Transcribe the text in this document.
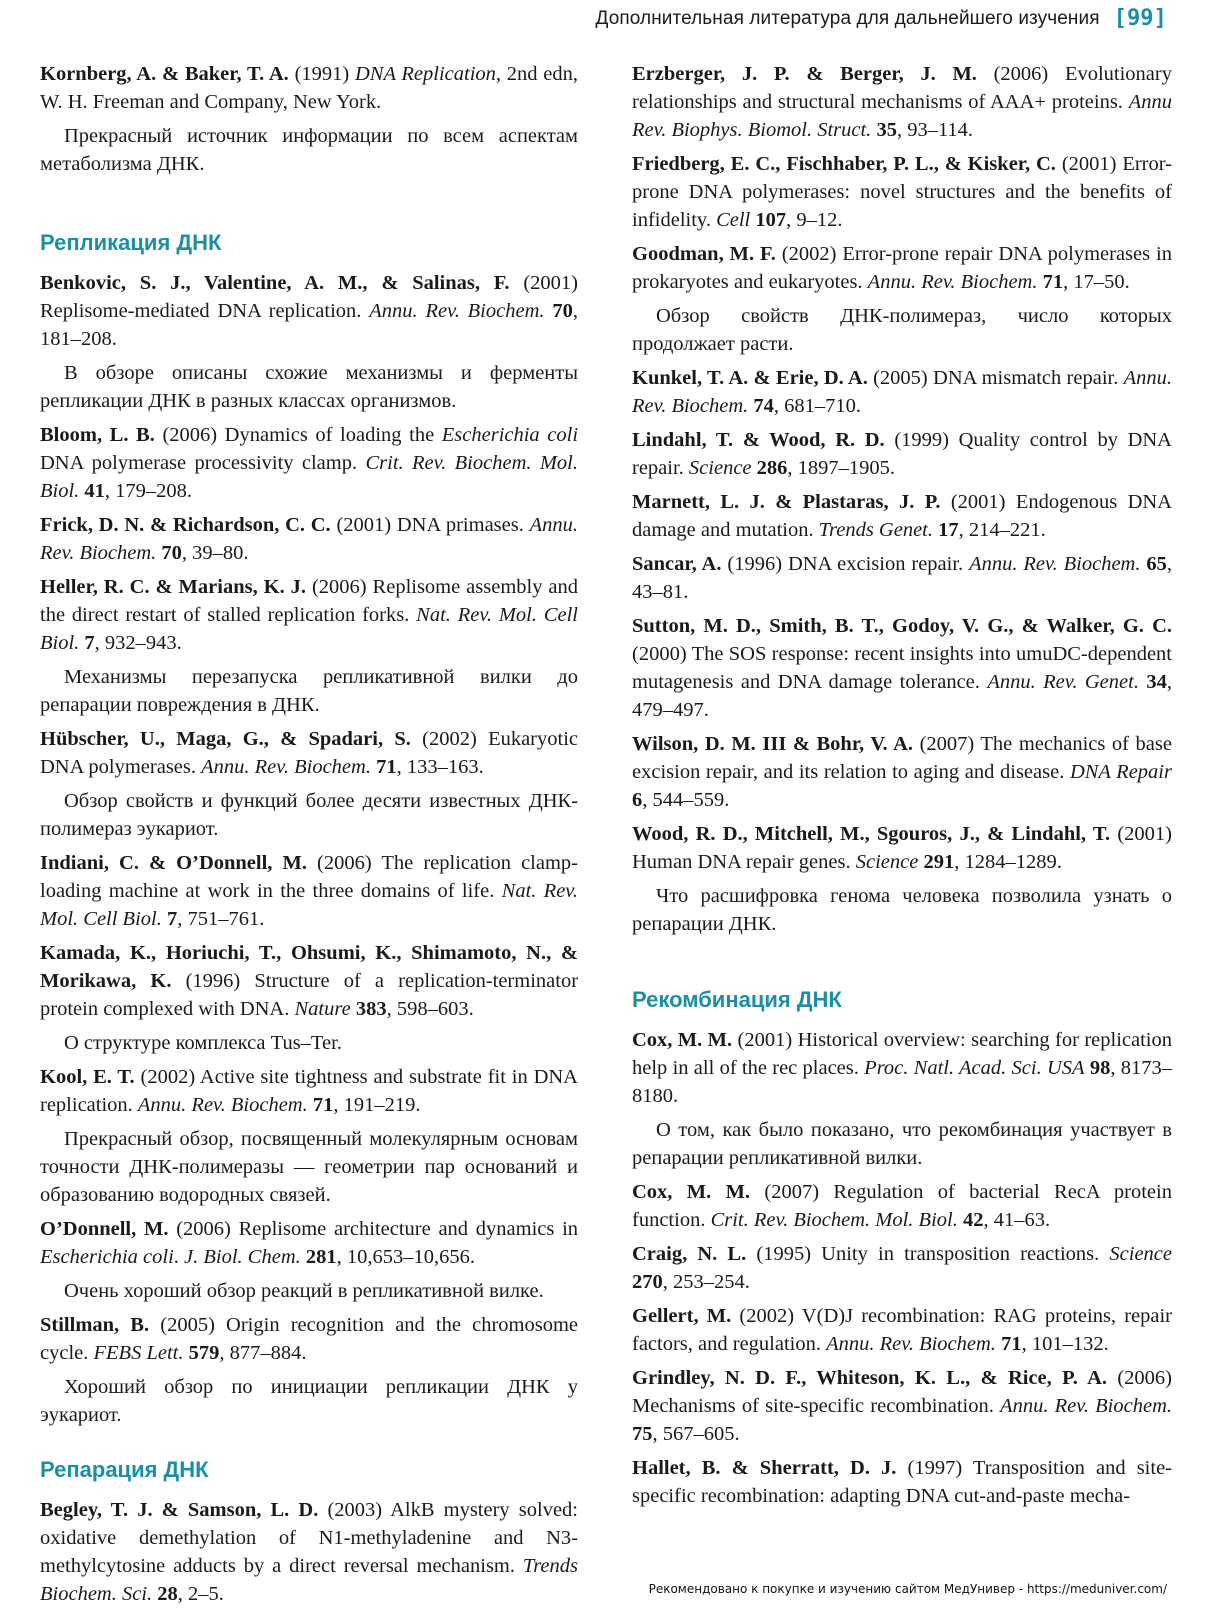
Дополнительная литература для дальнейшего изучения [99]

Kornberg, A. & Baker, T. A. (1991) DNA Replication, 2nd edn, W. H. Freeman and Company, New York.

Прекрасный источник информации по всем аспектам метаболизма ДНК.

Репликация ДНК

Benkovic, S. J., Valentine, A. M., & Salinas, F. (2001) Replisome-mediated DNA replication. Annu. Rev. Biochem. 70, 181–208.

В обзоре описаны схожие механизмы и ферменты репликации ДНК в разных классах организмов.

Bloom, L. B. (2006) Dynamics of loading the Escherichia coli DNA polymerase processivity clamp. Crit. Rev. Biochem. Mol. Biol. 41, 179–208.

Frick, D. N. & Richardson, C. C. (2001) DNA primases. Annu. Rev. Biochem. 70, 39–80.

Heller, R. C. & Marians, K. J. (2006) Replisome assembly and the direct restart of stalled replication forks. Nat. Rev. Mol. Cell Biol. 7, 932–943.

Механизмы перезапуска репликативной вилки до репарации повреждения в ДНК.

Hübscher, U., Maga, G., & Spadari, S. (2002) Eukaryotic DNA polymerases. Annu. Rev. Biochem. 71, 133–163.

Обзор свойств и функций более десяти известных ДНК-полимераз эукариот.

Indiani, C. & O’Donnell, M. (2006) The replication clamp-loading machine at work in the three domains of life. Nat. Rev. Mol. Cell Biol. 7, 751–761.

Kamada, K., Horiuchi, T., Ohsumi, K., Shimamoto, N., & Morikawa, K. (1996) Structure of a replication-terminator protein complexed with DNA. Nature 383, 598–603.

О структуре комплекса Tus–Ter.

Kool, E. T. (2002) Active site tightness and substrate fit in DNA replication. Annu. Rev. Biochem. 71, 191–219.

Прекрасный обзор, посвященный молекулярным основам точности ДНК-полимеразы — геометрии пар оснований и образованию водородных связей.

O’Donnell, M. (2006) Replisome architecture and dynamics in Escherichia coli. J. Biol. Chem. 281, 10,653–10,656.

Очень хороший обзор реакций в репликативной вилке.

Stillman, B. (2005) Origin recognition and the chromosome cycle. FEBS Lett. 579, 877–884.

Хороший обзор по инициации репликации ДНК у эукариот.

Репарация ДНК

Begley, T. J. & Samson, L. D. (2003) AlkB mystery solved: oxidative demethylation of N1-methyladenine and N3-methylcytosine adducts by a direct reversal mechanism. Trends Biochem. Sci. 28, 2–5.

Erzberger, J. P. & Berger, J. M. (2006) Evolutionary relationships and structural mechanisms of AAA+ proteins. Annu Rev. Biophys. Biomol. Struct. 35, 93–114.

Friedberg, E. C., Fischhaber, P. L., & Kisker, C. (2001) Error-prone DNA polymerases: novel structures and the benefits of infidelity. Cell 107, 9–12.

Goodman, M. F. (2002) Error-prone repair DNA polymerases in prokaryotes and eukaryotes. Annu. Rev. Biochem. 71, 17–50.

Обзор свойств ДНК-полимераз, число которых продолжает расти.

Kunkel, T. A. & Erie, D. A. (2005) DNA mismatch repair. Annu. Rev. Biochem. 74, 681–710.

Lindahl, T. & Wood, R. D. (1999) Quality control by DNA repair. Science 286, 1897–1905.

Marnett, L. J. & Plastaras, J. P. (2001) Endogenous DNA damage and mutation. Trends Genet. 17, 214–221.

Sancar, A. (1996) DNA excision repair. Annu. Rev. Biochem. 65, 43–81.

Sutton, M. D., Smith, B. T., Godoy, V. G., & Walker, G. C. (2000) The SOS response: recent insights into umuDC-dependent mutagenesis and DNA damage tolerance. Annu. Rev. Genet. 34, 479–497.

Wilson, D. M. III & Bohr, V. A. (2007) The mechanics of base excision repair, and its relation to aging and disease. DNA Repair 6, 544–559.

Wood, R. D., Mitchell, M., Sgouros, J., & Lindahl, T. (2001) Human DNA repair genes. Science 291, 1284–1289.

Что расшифровка генома человека позволила узнать о репарации ДНК.

Рекомбинация ДНК

Cox, M. M. (2001) Historical overview: searching for replication help in all of the rec places. Proc. Natl. Acad. Sci. USA 98, 8173–8180.

О том, как было показано, что рекомбинация участвует в репарации репликативной вилки.

Cox, M. M. (2007) Regulation of bacterial RecA protein function. Crit. Rev. Biochem. Mol. Biol. 42, 41–63.

Craig, N. L. (1995) Unity in transposition reactions. Science 270, 253–254.

Gellert, M. (2002) V(D)J recombination: RAG proteins, repair factors, and regulation. Annu. Rev. Biochem. 71, 101–132.

Grindley, N. D. F., Whiteson, K. L., & Rice, P. A. (2006) Mechanisms of site-specific recombination. Annu. Rev. Biochem. 75, 567–605.

Hallet, B. & Sherratt, D. J. (1997) Transposition and site-specific recombination: adapting DNA cut-and-paste mecha-

Рекомендовано к покупке и изучению сайтом МедУнивер - https://meduniver.com/
